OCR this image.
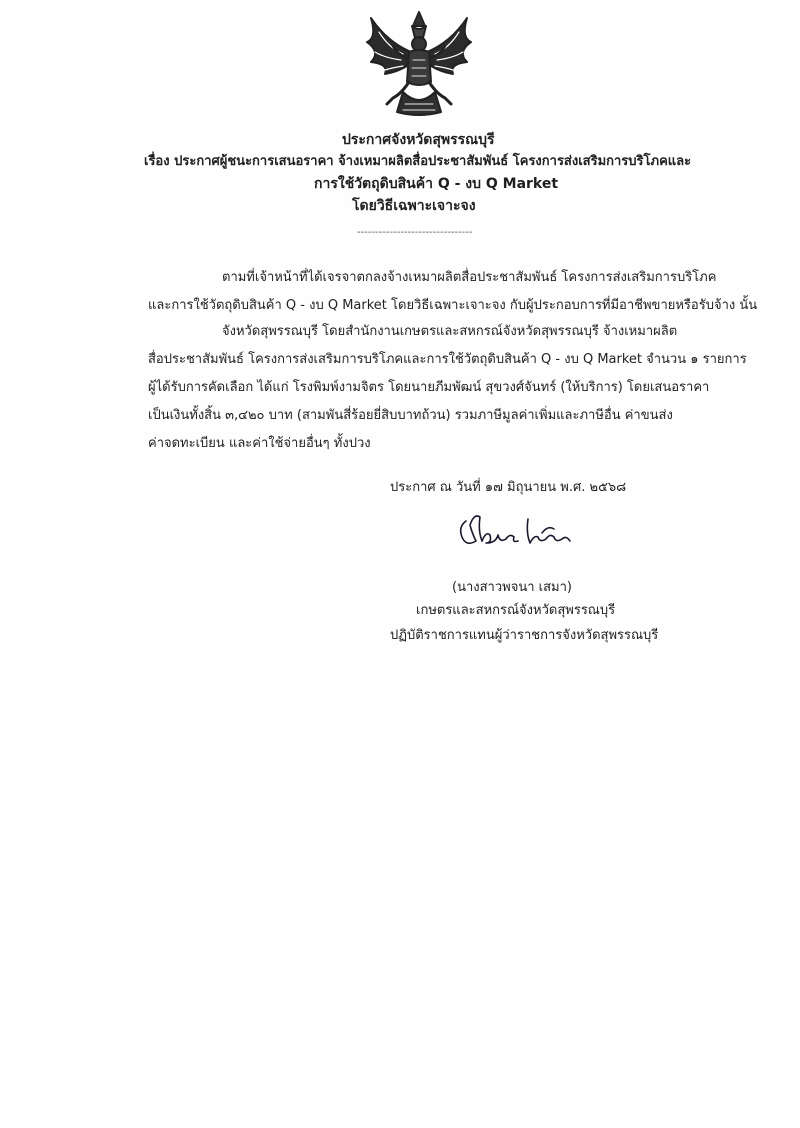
ประกาศจังหวัดสุพรรณบุรี
เรื่อง ประกาศผู้ชนะการเสนอราคา จ้างเหมาผลิตสื่อประชาสัมพันธ์ โครงการส่งเสริมการบริโภคและ
การใช้วัตถุดิบสินค้า Q - งบ Q Market
โดยวิธีเฉพาะเจาะจง
--------------------------------
ตามที่เจ้าหน้าที่ได้เจรจาตกลงจ้างเหมาผลิตสื่อประชาสัมพันธ์ โครงการส่งเสริมการบริโภค
และการใช้วัตถุดิบสินค้า Q - งบ Q Market โดยวิธีเฉพาะเจาะจง กับผู้ประกอบการที่มีอาชีพขายหรือรับจ้าง นั้น
จังหวัดสุพรรณบุรี โดยสำนักงานเกษตรและสหกรณ์จังหวัดสุพรรณบุรี จ้างเหมาผลิต
สื่อประชาสัมพันธ์ โครงการส่งเสริมการบริโภคและการใช้วัตถุดิบสินค้า Q - งบ Q Market จำนวน ๑ รายการ
ผู้ได้รับการคัดเลือก ได้แก่ โรงพิมพ์งามจิตร โดยนายภีมพัฒน์ สุขวงศ์จันทร์ (ให้บริการ) โดยเสนอราคา
เป็นเงินทั้งสิ้น ๓,๔๒๐ บาท (สามพันสี่ร้อยยี่สิบบาทถ้วน) รวมภาษีมูลค่าเพิ่มและภาษีอื่น ค่าขนส่ง
ค่าจดทะเบียน และค่าใช้จ่ายอื่นๆ ทั้งปวง
ประกาศ ณ วันที่ ๑๗ มิถุนายน พ.ศ. ๒๕๖๘
(นางสาวพจนา เสมา)
เกษตรและสหกรณ์จังหวัดสุพรรณบุรี
ปฏิบัติราชการแทนผู้ว่าราชการจังหวัดสุพรรณบุรี
